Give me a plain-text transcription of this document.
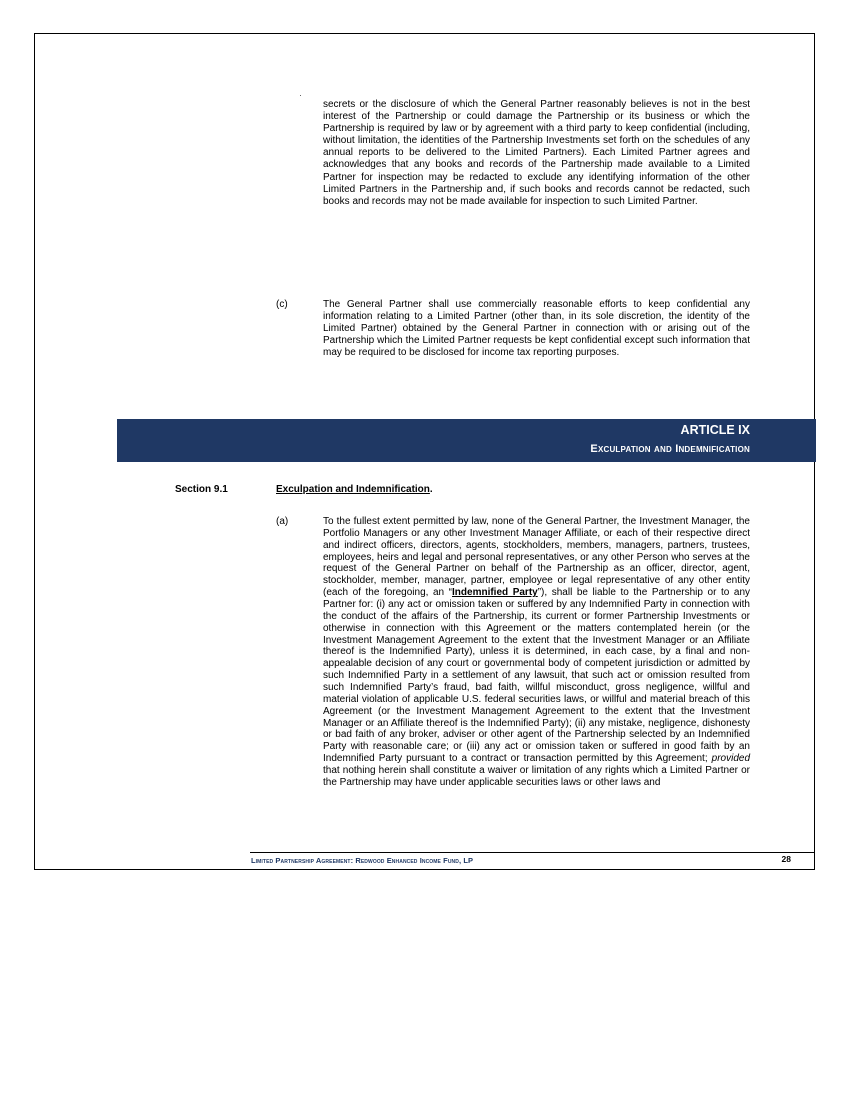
secrets or the disclosure of which the General Partner reasonably believes is not in the best interest of the Partnership or could damage the Partnership or its business or which the Partnership is required by law or by agreement with a third party to keep confidential (including, without limitation, the identities of the Partnership Investments set forth on the schedules of any annual reports to be delivered to the Limited Partners). Each Limited Partner agrees and acknowledges that any books and records of the Partnership made available to a Limited Partner for inspection may be redacted to exclude any identifying information of the other Limited Partners in the Partnership and, if such books and records cannot be redacted, such books and records may not be made available for inspection to such Limited Partner.
(c)	The General Partner shall use commercially reasonable efforts to keep confidential any information relating to a Limited Partner (other than, in its sole discretion, the identity of the Limited Partner) obtained by the General Partner in connection with or arising out of the Partnership which the Limited Partner requests be kept confidential except such information that may be required to be disclosed for income tax reporting purposes.
ARTICLE IX
Exculpation and Indemnification
Section 9.1	Exculpation and Indemnification.
(a)	To the fullest extent permitted by law, none of the General Partner, the Investment Manager, the Portfolio Managers or any other Investment Manager Affiliate, or each of their respective direct and indirect officers, directors, agents, stockholders, members, managers, partners, trustees, employees, heirs and legal and personal representatives, or any other Person who serves at the request of the General Partner on behalf of the Partnership as an officer, director, agent, stockholder, member, manager, partner, employee or legal representative of any other entity (each of the foregoing, an “Indemnified Party”), shall be liable to the Partnership or to any Partner for: (i) any act or omission taken or suffered by any Indemnified Party in connection with the conduct of the affairs of the Partnership, its current or former Partnership Investments or otherwise in connection with this Agreement or the matters contemplated herein (or the Investment Management Agreement to the extent that the Investment Manager or an Affiliate thereof is the Indemnified Party), unless it is determined, in each case, by a final and non-appealable decision of any court or governmental body of competent jurisdiction or admitted by such Indemnified Party in a settlement of any lawsuit, that such act or omission resulted from such Indemnified Party’s fraud, bad faith, willful misconduct, gross negligence, willful and material violation of applicable U.S. federal securities laws, or willful and material breach of this Agreement (or the Investment Management Agreement to the extent that the Investment Manager or an Affiliate thereof is the Indemnified Party); (ii) any mistake, negligence, dishonesty or bad faith of any broker, adviser or other agent of the Partnership selected by an Indemnified Party with reasonable care; or (iii) any act or omission taken or suffered in good faith by an Indemnified Party pursuant to a contract or transaction permitted by this Agreement; provided that nothing herein shall constitute a waiver or limitation of any rights which a Limited Partner or the Partnership may have under applicable securities laws or other laws and
Limited Partnership Agreement: Redwood Enhanced Income Fund, LP	28
